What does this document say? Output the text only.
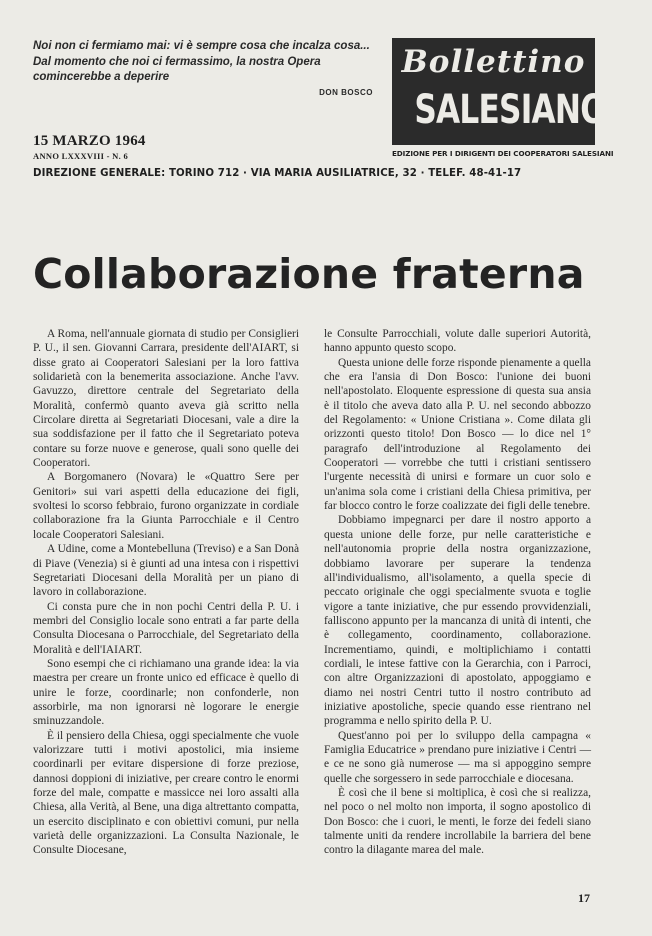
Noi non ci fermiamo mai: vi è sempre cosa che incalza cosa... Dal momento che noi ci fermassimo, la nostra Opera comincerebbe a deperire
DON BOSCO
Bollettino
SALESIANO
EDIZIONE PER I DIRIGENTI DEI COOPERATORI SALESIANI
15 MARZO 1964
ANNO LXXXVIII - N. 6
DIREZIONE GENERALE: TORINO 712 · VIA MARIA AUSILIATRICE, 32 · TELEF. 48-41-17
Collaborazione fraterna

A Roma, nell'annuale giornata di studio per Consiglieri P. U., il sen. Giovanni Carrara, presidente dell'AIART, si disse grato ai Cooperatori Salesiani per la loro fattiva solidarietà con la benemerita associazione. Anche l'avv. Gavuzzo, direttore centrale del Segretariato della Moralità, confermò quanto aveva già scritto nella Circolare diretta ai Segretariati Diocesani, vale a dire la sua soddisfazione per il fatto che il Segretariato poteva contare su forze nuove e generose, quali sono quelle dei Cooperatori.

A Borgomanero (Novara) le «Quattro Sere per Genitori» sui vari aspetti della educazione dei figli, svoltesi lo scorso febbraio, furono organizzate in cordiale collaborazione fra la Giunta Parrocchiale e il Centro locale Cooperatori Salesiani.

A Udine, come a Montebelluna (Treviso) e a San Donà di Piave (Venezia) si è giunti ad una intesa con i rispettivi Segretariati Diocesani della Moralità per un piano di lavoro in collaborazione.

Ci consta pure che in non pochi Centri della P. U. i membri del Consiglio locale sono entrati a far parte della Consulta Diocesana o Parrocchiale, del Segretariato della Moralità e dell'IAIART.

Sono esempi che ci richiamano una grande idea: la via maestra per creare un fronte unico ed efficace è quello di unire le forze, coordinarle; non confonderle, non assorbirle, ma non ignorarsi nè logorare le energie sminuzzandole.

È il pensiero della Chiesa, oggi specialmente che vuole valorizzare tutti i motivi apostolici, mia insieme coordinarli per evitare dispersione di forze preziose, dannosi doppioni di iniziative, per creare contro le enormi forze del male, compatte e massicce nei loro assalti alla Chiesa, alla Verità, al Bene, una diga altrettanto compatta, un esercito disciplinato e con obiettivi comuni, pur nella varietà delle organizzazioni. La Consulta Nazionale, le Consulte Diocesane,

le Consulte Parrocchiali, volute dalle superiori Autorità, hanno appunto questo scopo.

Questa unione delle forze risponde pienamente a quella che era l'ansia di Don Bosco: l'unione dei buoni nell'apostolato. Eloquente espressione di questa sua ansia è il titolo che aveva dato alla P. U. nel secondo abbozzo del Regolamento: « Unione Cristiana ». Come dilata gli orizzonti questo titolo! Don Bosco — lo dice nel 1° paragrafo dell'introduzione al Regolamento dei Cooperatori — vorrebbe che tutti i cristiani sentissero l'urgente necessità di unirsi e formare un cuor solo e un'anima sola come i cristiani della Chiesa primitiva, per far blocco contro le forze coalizzate dei figli delle tenebre.

Dobbiamo impegnarci per dare il nostro apporto a questa unione delle forze, pur nelle caratteristiche e nell'autonomia proprie della nostra organizzazione, dobbiamo lavorare per superare la tendenza all'individualismo, all'isolamento, a quella specie di peccato originale che oggi specialmente svuota e toglie vigore a tante iniziative, che pur essendo provvidenziali, falliscono appunto per la mancanza di unità di intenti, che è collegamento, coordinamento, collaborazione. Incrementiamo, quindi, e moltiplichiamo i contatti cordiali, le intese fattive con la Gerarchia, con i Parroci, con altre Organizzazioni di apostolato, appoggiamo e diamo nei nostri Centri tutto il nostro contributo ad iniziative apostoliche, specie quando esse rientrano nel programma e nello spirito della P. U.

Quest'anno poi per lo sviluppo della campagna « Famiglia Educatrice » prendano pure iniziative i Centri — e ce ne sono già numerose — ma si appoggino sempre quelle che sorgessero in sede parrocchiale e diocesana.

È così che il bene si moltiplica, è così che si realizza, nel poco o nel molto non importa, il sogno apostolico di Don Bosco: che i cuori, le menti, le forze dei fedeli siano talmente uniti da rendere incrollabile la barriera del bene contro la dilagante marea del male.

17
